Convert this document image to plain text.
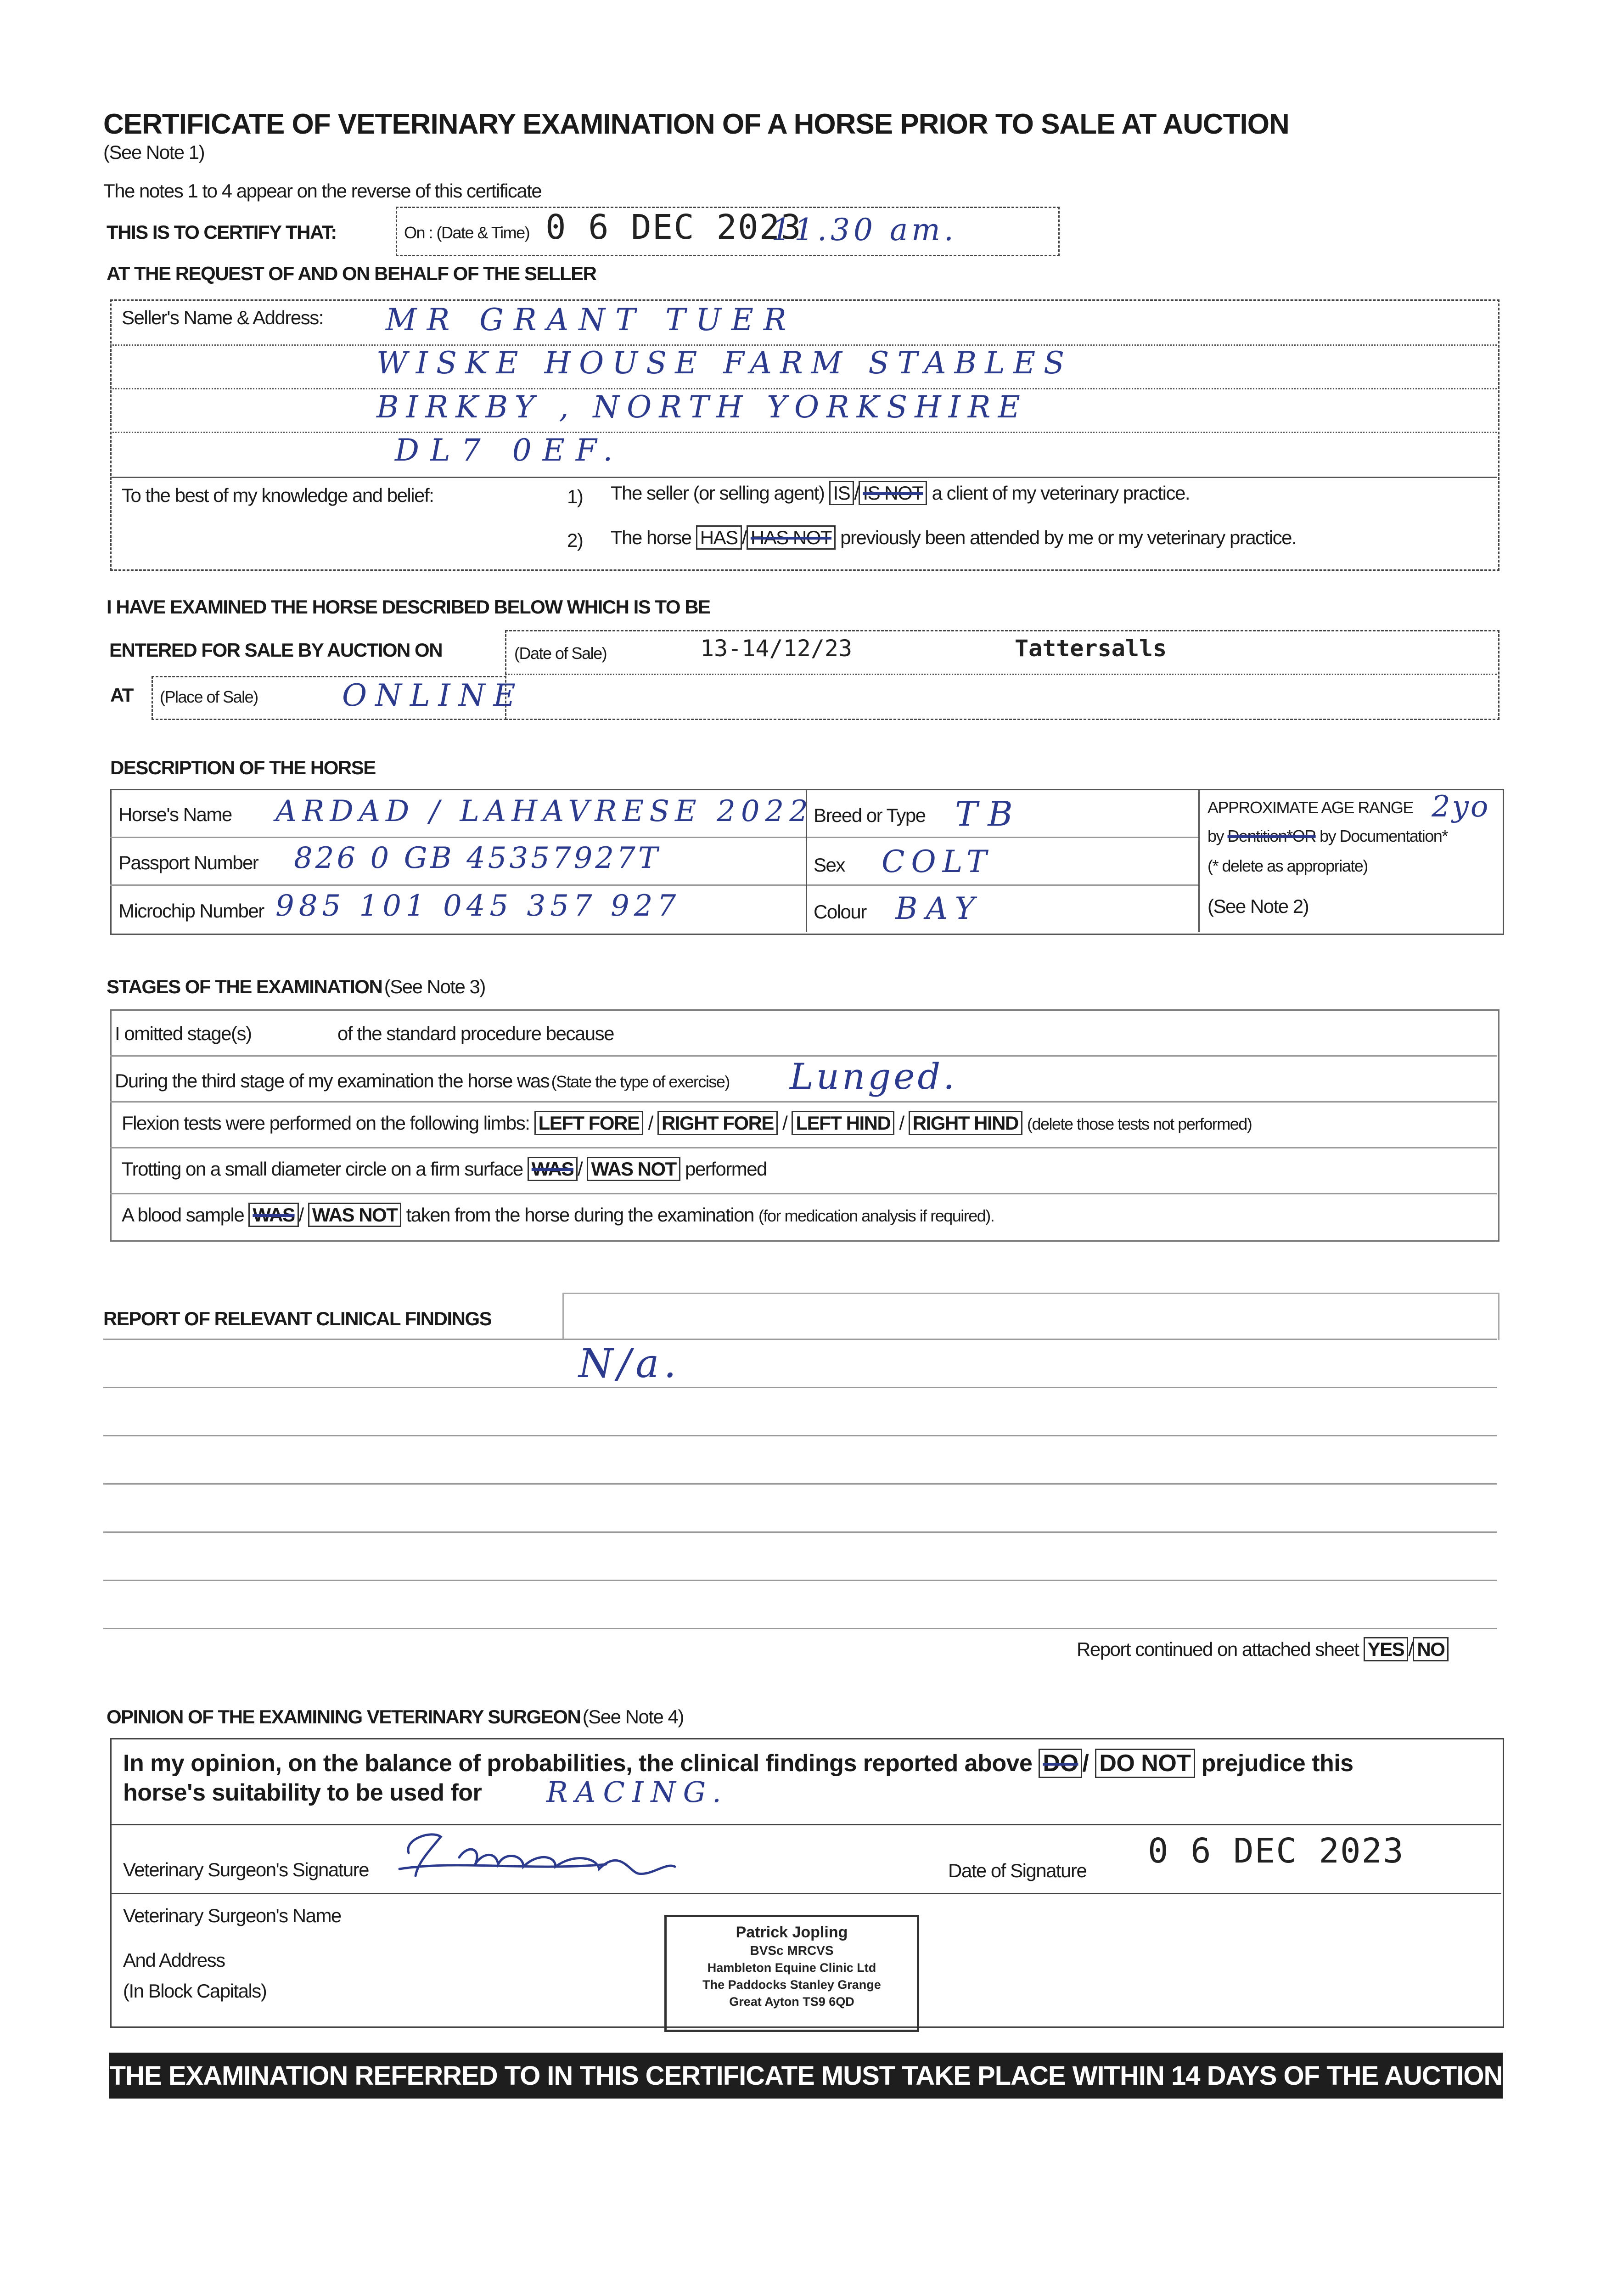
CERTIFICATE OF VETERINARY EXAMINATION OF A HORSE PRIOR TO SALE AT AUCTION
(See Note 1)
The notes 1 to 4 appear on the reverse of this certificate
THIS IS TO CERTIFY THAT:	On : (Date & Time) 0 6 DEC 2023
11.30 am.
AT THE REQUEST OF AND ON BEHALF OF THE SELLER
Seller's Name & Address: MR GRANT TUER
WISKE HOUSE FARM STABLES
BIRKBY , NORTH YORKSHIRE
DL7 0EF.
To the best of my knowledge and belief:	1) The seller (or selling agent) IS / IS NOT a client of my veterinary practice.
2) The horse HAS / HAS NOT previously been attended by me or my veterinary practice.
I HAVE EXAMINED THE HORSE DESCRIBED BELOW WHICH IS TO BE
ENTERED FOR SALE BY AUCTION ON	(Date of Sale)	13-14/12/23	Tattersalls
AT (Place of Sale)	ONLINE
DESCRIPTION OF THE HORSE
Horse's Name ARDAD / LAHAVRESE 2022 Breed or Type TB	APPROXIMATE AGE RANGE 2yo
by Dentition*OR by Documentation*
(* delete as appropriate)
(See Note 2)
Passport Number 826 0 GB 45357927T	Sex COLT
Microchip Number 985 101 045 357 927	Colour BAY
STAGES OF THE EXAMINATION (See Note 3)
I omitted stage(s)	of the standard procedure because
During the third stage of my examination the horse was (State the type of exercise) Lunged.
Flexion tests were performed on the following limbs: LEFT FORE / RIGHT FORE / LEFT HIND / RIGHT HIND (delete those tests not performed)
Trotting on a small diameter circle on a firm surface WAS / WAS NOT performed
A blood sample WAS / WAS NOT taken from the horse during the examination (for medication analysis if required).
REPORT OF RELEVANT CLINICAL FINDINGS
N/a.
Report continued on attached sheet YES / NO
OPINION OF THE EXAMINING VETERINARY SURGEON (See Note 4)
In my opinion, on the balance of probabilities, the clinical findings reported above DO / DO NOT prejudice this
horse's suitability to be used for RACING.
Veterinary Surgeon's Signature	Date of Signature 0 6 DEC 2023
Veterinary Surgeon's Name
And Address
(In Block Capitals)
Patrick Jopling
BVSc MRCVS
Hambleton Equine Clinic Ltd
The Paddocks Stanley Grange
Great Ayton TS9 6QD
THE EXAMINATION REFERRED TO IN THIS CERTIFICATE MUST TAKE PLACE WITHIN 14 DAYS OF THE AUCTION
